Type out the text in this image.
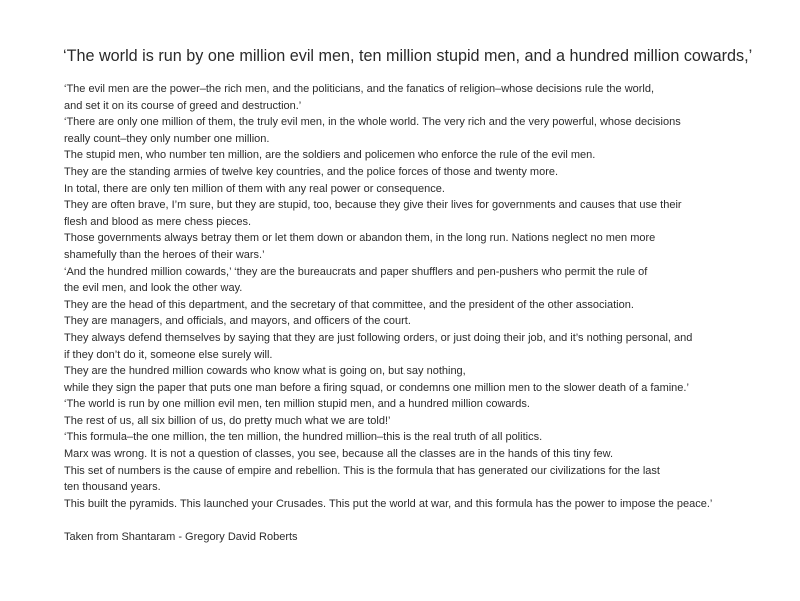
‘The world is run by one million evil men, ten million stupid men, and a hundred million cowards,’
‘The evil men are the power–the rich men, and the politicians, and the fanatics of religion–whose decisions rule the world,
and set it on its course of greed and destruction.’
‘There are only one million of them, the truly evil men, in the whole world. The very rich and the very powerful, whose decisions
really count–they only number one million.
The stupid men, who number ten million, are the soldiers and policemen who enforce the rule of the evil men.
They are the standing armies of twelve key countries, and the police forces of those and twenty more.
In total, there are only ten million of them with any real power or consequence.
They are often brave, I’m sure, but they are stupid, too, because they give their lives for governments and causes that use their
flesh and blood as mere chess pieces.
Those governments always betray them or let them down or abandon them, in the long run. Nations neglect no men more
shamefully than the heroes of their wars.’
‘And the hundred million cowards,’ ‘they are the bureaucrats and paper shufflers and pen-pushers who permit the rule of
the evil men, and look the other way.
They are the head of this department, and the secretary of that committee, and the president of the other association.
They are managers, and officials, and mayors, and officers of the court.
They always defend themselves by saying that they are just following orders, or just doing their job, and it’s nothing personal, and
if they don’t do it, someone else surely will.
They are the hundred million cowards who know what is going on, but say nothing,
while they sign the paper that puts one man before a firing squad, or condemns one million men to the slower death of a famine.’
‘The world is run by one million evil men, ten million stupid men, and a hundred million cowards.
The rest of us, all six billion of us, do pretty much what we are told!’
‘This formula–the one million, the ten million, the hundred million–this is the real truth of all politics.
Marx was wrong. It is not a question of classes, you see, because all the classes are in the hands of this tiny few.
This set of numbers is the cause of empire and rebellion. This is the formula that has generated our civilizations for the last
ten thousand years.
This built the pyramids. This launched your Crusades. This put the world at war, and this formula has the power to impose the peace.’
Taken from Shantaram - Gregory David Roberts
